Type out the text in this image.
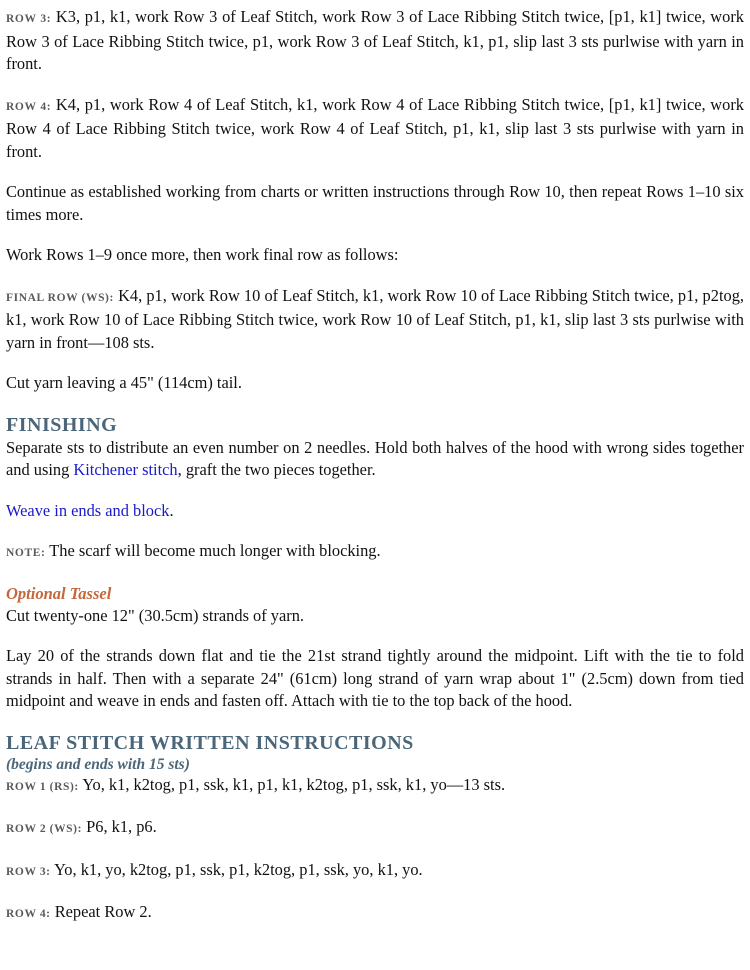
ROW 3: K3, p1, k1, work Row 3 of Leaf Stitch, work Row 3 of Lace Ribbing Stitch twice, [p1, k1] twice, work Row 3 of Lace Ribbing Stitch twice, p1, work Row 3 of Leaf Stitch, k1, p1, slip last 3 sts purlwise with yarn in front.

ROW 4: K4, p1, work Row 4 of Leaf Stitch, k1, work Row 4 of Lace Ribbing Stitch twice, [p1, k1] twice, work Row 4 of Lace Ribbing Stitch twice, work Row 4 of Leaf Stitch, p1, k1, slip last 3 sts purlwise with yarn in front.

Continue as established working from charts or written instructions through Row 10, then repeat Rows 1–10 six times more.

Work Rows 1–9 once more, then work final row as follows:

FINAL ROW (WS): K4, p1, work Row 10 of Leaf Stitch, k1, work Row 10 of Lace Ribbing Stitch twice, p1, p2tog, k1, work Row 10 of Lace Ribbing Stitch twice, work Row 10 of Leaf Stitch, p1, k1, slip last 3 sts purlwise with yarn in front—108 sts.

Cut yarn leaving a 45" (114cm) tail.

FINISHING

Separate sts to distribute an even number on 2 needles. Hold both halves of the hood with wrong sides together and using Kitchener stitch, graft the two pieces together.

Weave in ends and block.

NOTE: The scarf will become much longer with blocking.

Optional Tassel

Cut twenty-one 12" (30.5cm) strands of yarn.

Lay 20 of the strands down flat and tie the 21st strand tightly around the midpoint. Lift with the tie to fold strands in half. Then with a separate 24" (61cm) long strand of yarn wrap about 1" (2.5cm) down from tied midpoint and weave in ends and fasten off. Attach with tie to the top back of the hood.

LEAF STITCH WRITTEN INSTRUCTIONS

(begins and ends with 15 sts)

ROW 1 (RS): Yo, k1, k2tog, p1, ssk, k1, p1, k1, k2tog, p1, ssk, k1, yo—13 sts.

ROW 2 (WS): P6, k1, p6.

ROW 3: Yo, k1, yo, k2tog, p1, ssk, p1, k2tog, p1, ssk, yo, k1, yo.

ROW 4: Repeat Row 2.
